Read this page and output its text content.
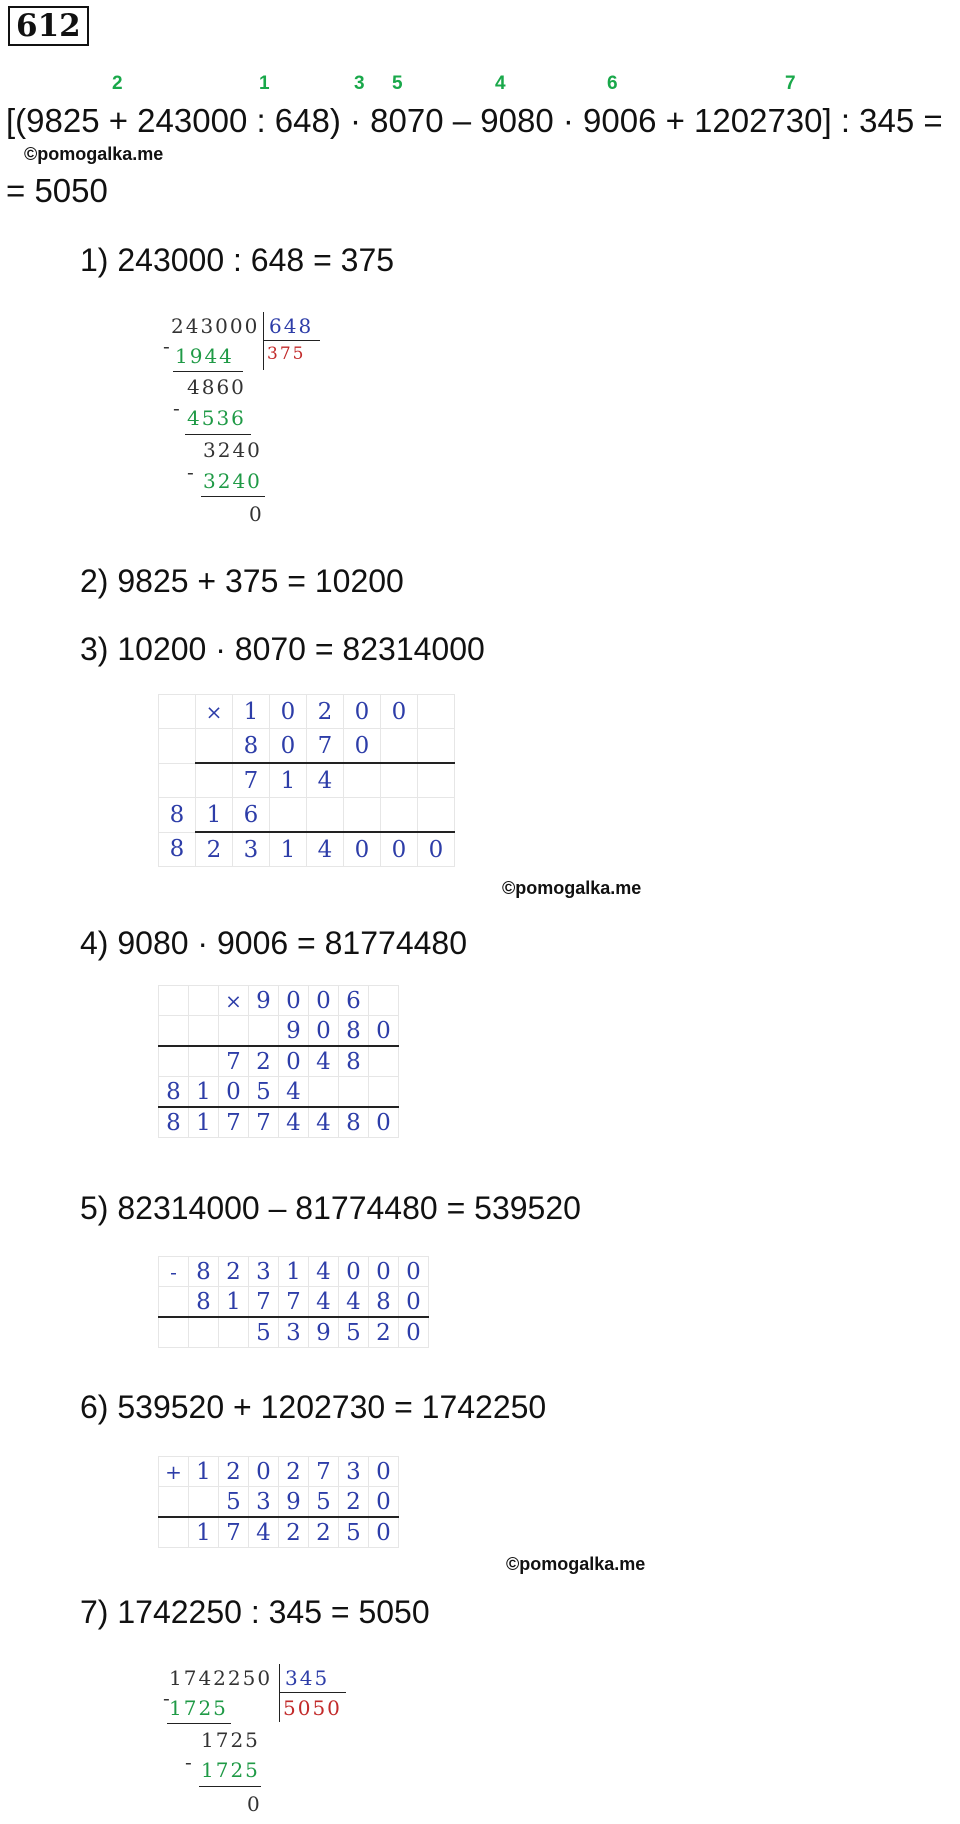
612
2	1	3 5	4	6	7
[(9825 + 243000 : 648) · 8070 – 9080 · 9006 + 1202730] : 345 =
©pomogalka.me
= 5050
1) 243000 : 648 = 375
243000 648
375
- 1944
4860
- 4536
3240
- 3240
0
2) 9825 + 375 = 10200
3) 10200 · 8070 = 82314000
	×	1	0	2	0	0	
		8	0	7	0		
		7	1	4			
8	1	6					
8	2	3	1	4	0	0	0
©pomogalka.me
4) 9080 · 9006 = 81774480
		×	9	0	0	6	
				9	0	8	0
		7	2	0	4	8	
8	1	0	5	4			
8	1	7	7	4	4	8	0
5) 82314000 – 81774480 = 539520
-	8	2	3	1	4	0	0	0
	8	1	7	7	4	4	8	0
			5	3	9	5	2	0
6) 539520 + 1202730 = 1742250
+	1	2	0	2	7	3	0
		5	3	9	5	2	0
	1	7	4	2	2	5	0
©pomogalka.me
7) 1742250 : 345 = 5050
1742250 345
5050
-
1725
1725
- 1725
0
